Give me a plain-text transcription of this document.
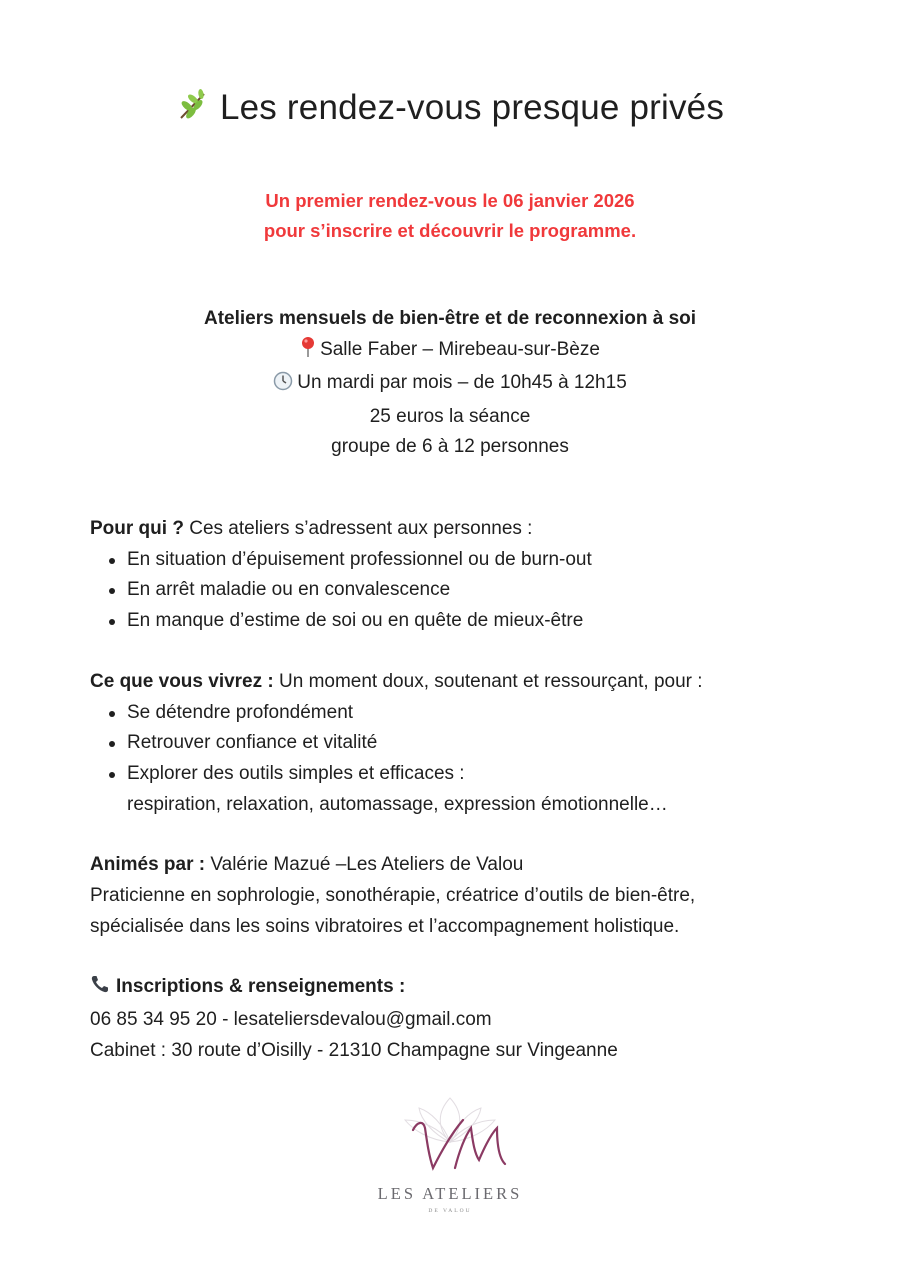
Les rendez-vous presque privés
Un premier rendez-vous le 06 janvier 2026
pour s’inscrire et découvrir le programme.
Ateliers mensuels de bien-être et de reconnexion à soi
Salle Faber – Mirebeau-sur-Bèze
Un mardi par mois – de 10h45 à 12h15
25 euros la séance
groupe de 6 à 12 personnes
Pour qui ? Ces ateliers s’adressent aux personnes :
En situation d’épuisement professionnel ou de burn-out
En arrêt maladie ou en convalescence
En manque d’estime de soi ou en quête de mieux-être
Ce que vous vivrez : Un moment doux, soutenant et ressourçant, pour :
Se détendre profondément
Retrouver confiance et vitalité
Explorer des outils simples et efficaces :
respiration, relaxation, automassage, expression émotionnelle…
Animés par : Valérie Mazué –Les Ateliers de Valou
Praticienne en sophrologie, sonothérapie, créatrice d’outils de bien-être,
spécialisée dans les soins vibratoires et l’accompagnement holistique.
Inscriptions & renseignements :
06 85 34 95 20 - lesateliersdevalou@gmail.com
Cabinet : 30 route d’Oisilly - 21310 Champagne sur Vingeanne
LES ATELIERS
DE VALOU
